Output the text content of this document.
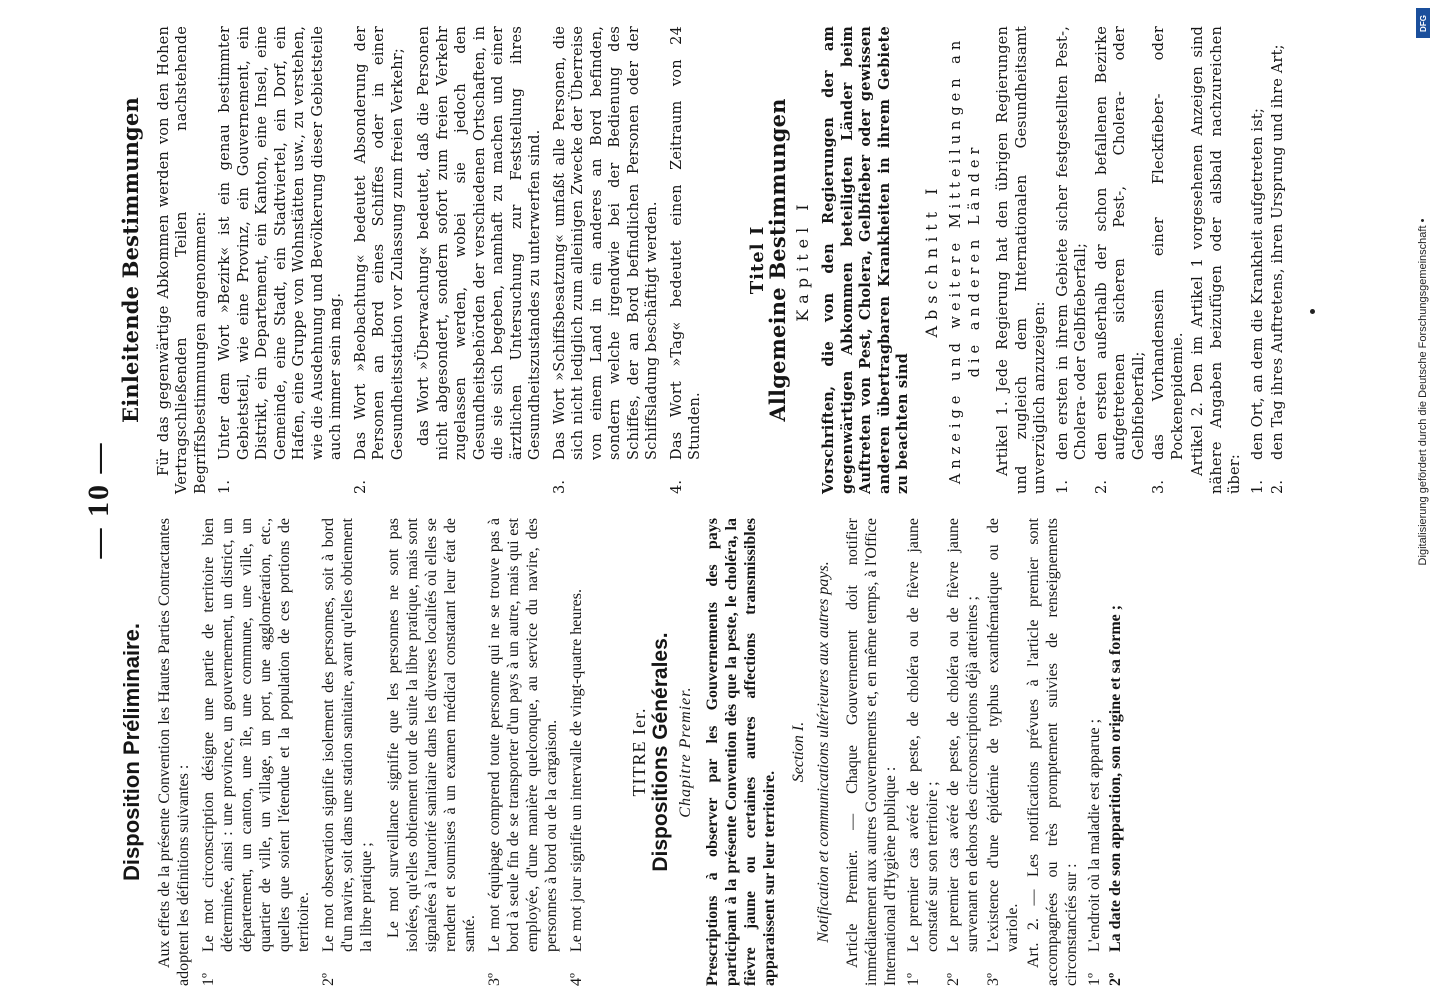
— 10 —
Disposition Préliminaire. Aux effets de la présente Convention les Hautes Parties Contractantes adoptent les définitions suivantes : 1º
Le mot circonscription désigne une partie de territoire bien déterminée, ainsi : une province, un gouvernement, un district, un département, un canton, une île, une commune, une ville, un quartier de ville, un village, un port, une agglomération, etc., quelles que soient l'étendue et la population de ces portions de territoire.
2º
Le mot observation signifie isolement des personnes, soit à bord d'un navire, soit dans une station sanitaire, avant qu'elles obtiennent la libre pratique ; Le mot surveillance signifie que les personnes ne sont pas isolées, qu'elles obtiennent tout de suite la libre pratique, mais sont signalées à l'autorité sanitaire dans les diverses localités où elles se rendent et soumises à un examen médical constatant leur état de santé.
3º
Le mot équipage comprend toute personne qui ne se trouve pas à bord à seule fin de se transporter d'un pays à un autre, mais qui est employée, d'une manière quelconque, au service du navire, des personnes à bord ou de la cargaison.
4º
Le mot jour signifie un intervalle de vingt-quatre heures. TITRE Ier. Dispositions Générales. Chapitre Premier. Prescriptions à observer par les Gouvernements des pays participant à la présente Convention dès que la peste, le choléra, la fièvre jaune ou certaines autres affections transmissibles apparaissent sur leur territoire.

Section I. Notification et communications ultérieures aux autres pays. Article Premier. — Chaque Gouvernement doit notifier immédiatement aux autres Gouvernements et, en même temps, à l'Office International d'Hygiène publique : 1º
Le premier cas avéré de peste, de choléra ou de fièvre jaune constaté sur son territoire ;
2º
Le premier cas avéré de peste, de choléra ou de fièvre jaune survenant en dehors des circonscriptions déjà atteintes ;
3º
L'existence d'une épidémie de typhus exanthématique ou de variole. Art. 2. — Les notifications prévues à l'article premier sont accompagnées ou très promptement suivies de renseignements circonstanciés sur : 1º
L'endroit où la maladie est apparue ;
2º
La date de son apparition, son origine et sa forme ;
Einleitende Bestimmungen Für das gegenwärtige Abkommen werden von den Hohen Vertragschließenden Teilen nachstehende Begriffsbestimmungen angenommen: 1.
Unter dem Wort »Bezirk« ist ein genau bestimmter Gebietsteil, wie eine Provinz, ein Gouvernement, ein Distrikt, ein Departement, ein Kanton, eine Insel, eine Gemeinde, eine Stadt, ein Stadtviertel, ein Dorf, ein Hafen, eine Gruppe von Wohnstätten usw., zu verstehen, wie die Ausdehnung und Bevölkerung dieser Gebietsteile auch immer sein mag.
2.
Das Wort »Beobachtung« bedeutet Absonderung der Personen an Bord eines Schiffes oder in einer Gesundheitsstation vor Zulassung zum freien Verkehr; das Wort »Überwachung« bedeutet, daß die Personen nicht abgesondert, sondern sofort zum freien Verkehr zugelassen werden, wobei sie jedoch den Gesundheitsbehörden der verschiedenen Ortschaften, in die sie sich begeben, namhaft zu machen und einer ärztlichen Untersuchung zur Feststellung ihres Gesundheitszustandes zu unterwerfen sind.
3.
Das Wort »Schiffsbesatzung« umfaßt alle Personen, die sich nicht lediglich zum alleinigen Zwecke der Überreise von einem Land in ein anderes an Bord befinden, sondern welche irgendwie bei der Bedienung des Schiffes, der an Bord befindlichen Personen oder der Schiffsladung beschäftigt werden.
4.
Das Wort »Tag« bedeutet einen Zeitraum von 24 Stunden.
Titel I
Allgemeine Bestimmungen Kapitel I Vorschriften, die von den Regierungen der am gegenwärtigen Abkommen beteiligten Länder beim Auftreten von Pest, Cholera, Gelbfieber oder gewissen anderen übertragbaren Krankheiten in ihrem Gebiete zu beachten sind

Abschnitt I Anzeige und weitere Mitteilungen an die anderen Länder Artikel 1. Jede Regierung hat den übrigen Regierungen und zugleich dem Internationalen Gesundheitsamt unverzüglich anzuzeigen: 1.
den ersten in ihrem Gebiete sicher festgestellten Pest-, Cholera- oder Gelbfieberfall;
2.
den ersten außerhalb der schon befallenen Bezirke aufgetretenen sicheren Pest-, Cholera- oder Gelbfieberfall;
3.
das Vorhandensein einer Fleckfieber- oder Pockenepidemie. Artikel 2. Den im Artikel 1 vorgesehenen Anzeigen sind nähere Angaben beizufügen oder alsbald nachzureichen über: 1.
den Ort, an dem die Krankheit aufgetreten ist;
2.
den Tag ihres Auftretens, ihren Ursprung und ihre Art;
DFG
Digitalisierung gefördert durch die Deutsche Forschungsgemeinschaft •
